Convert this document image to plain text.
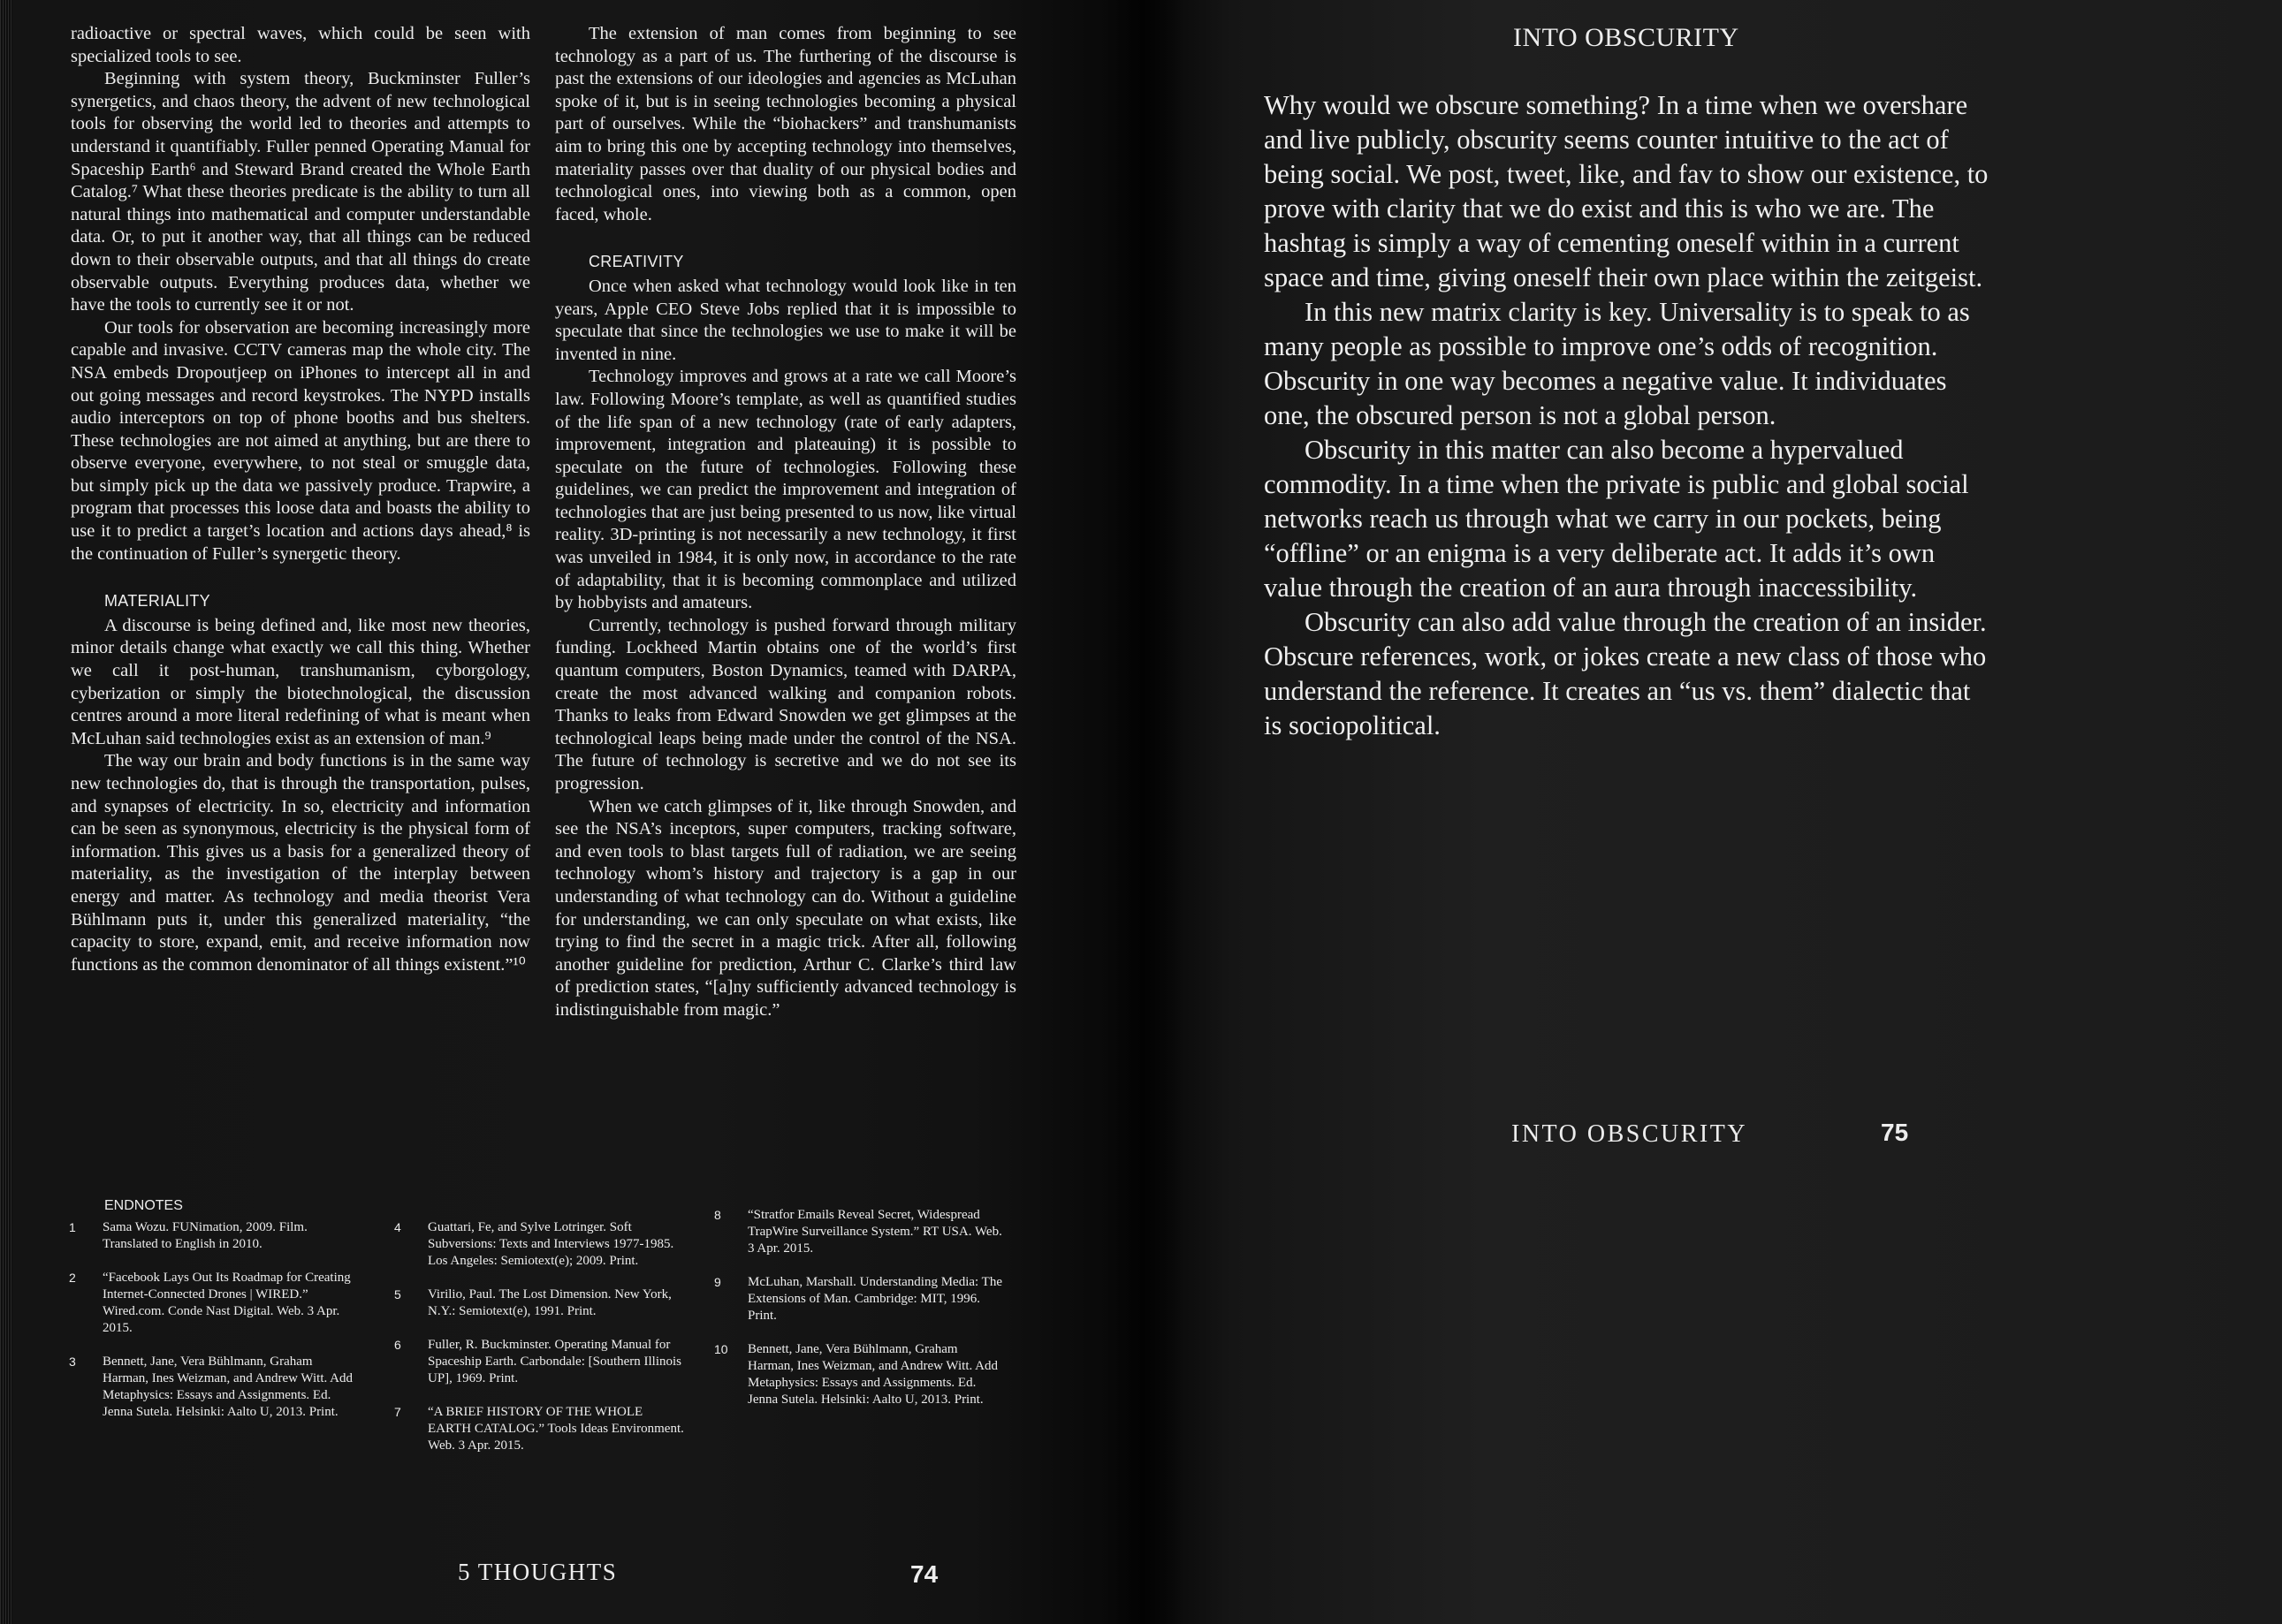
radioactive or spectral waves, which could be seen with specialized tools to see.

Beginning with system theory, Buckminster Fuller’s synergetics, and chaos theory, the advent of new technological tools for observing the world led to theories and attempts to understand it quantifiably. Fuller penned Operating Manual for Spaceship Earth⁶ and Steward Brand created the Whole Earth Catalog.⁷ What these theories predicate is the ability to turn all natural things into mathematical and computer understandable data. Or, to put it another way, that all things can be reduced down to their observable outputs, and that all things do create observable outputs. Everything produces data, whether we have the tools to currently see it or not.

Our tools for observation are becoming increasingly more capable and invasive. CCTV cameras map the whole city. The NSA embeds Dropoutjeep on iPhones to intercept all in and out going messages and record keystrokes. The NYPD installs audio interceptors on top of phone booths and bus shelters. These technologies are not aimed at anything, but are there to observe everyone, everywhere, to not steal or smuggle data, but simply pick up the data we passively produce. Trapwire, a program that processes this loose data and boasts the ability to use it to predict a target’s location and actions days ahead,⁸ is the continuation of Fuller’s synergetic theory.

MATERIALITY

A discourse is being defined and, like most new theories, minor details change what exactly we call this thing. Whether we call it post-human, transhumanism, cyborgology, cyberization or simply the biotechnological, the discussion centres around a more literal redefining of what is meant when McLuhan said technologies exist as an extension of man.⁹

The way our brain and body functions is in the same way new technologies do, that is through the transportation, pulses, and synapses of electricity. In so, electricity and information can be seen as synonymous, electricity is the physical form of information. This gives us a basis for a generalized theory of materiality, as the investigation of the interplay between energy and matter. As technology and media theorist Vera Bühlmann puts it, under this generalized materiality, “the capacity to store, expand, emit, and receive information now functions as the common denominator of all things existent.”¹⁰

The extension of man comes from beginning to see technology as a part of us. The furthering of the discourse is past the extensions of our ideologies and agencies as McLuhan spoke of it, but is in seeing technologies becoming a physical part of ourselves. While the “biohackers” and transhumanists aim to bring this one by accepting technology into themselves, materiality passes over that duality of our physical bodies and technological ones, into viewing both as a common, open faced, whole.

CREATIVITY

Once when asked what technology would look like in ten years, Apple CEO Steve Jobs replied that it is impossible to speculate that since the technologies we use to make it will be invented in nine.

Technology improves and grows at a rate we call Moore’s law. Following Moore’s template, as well as quantified studies of the life span of a new technology (rate of early adapters, improvement, integration and plateauing) it is possible to speculate on the future of technologies. Following these guidelines, we can predict the improvement and integration of technologies that are just being presented to us now, like virtual reality. 3D-printing is not necessarily a new technology, it first was unveiled in 1984, it is only now, in accordance to the rate of adaptability, that it is becoming commonplace and utilized by hobbyists and amateurs.

Currently, technology is pushed forward through military funding. Lockheed Martin obtains one of the world’s first quantum computers, Boston Dynamics, teamed with DARPA, create the most advanced walking and companion robots. Thanks to leaks from Edward Snowden we get glimpses at the technological leaps being made under the control of the NSA. The future of technology is secretive and we do not see its progression.

When we catch glimpses of it, like through Snowden, and see the NSA’s inceptors, super computers, tracking software, and even tools to blast targets full of radiation, we are seeing technology whom’s history and trajectory is a gap in our understanding of what technology can do. Without a guideline for understanding, we can only speculate on what exists, like trying to find the secret in a magic trick. After all, following another guideline for prediction, Arthur C. Clarke’s third law of prediction states, “[a]ny sufficiently advanced technology is indistinguishable from magic.”

ENDNOTES
1	Sama Wozu. FUNimation, 2009. Film. Translated to English in 2010.
2	“Facebook Lays Out Its Roadmap for Creating Internet-Connected Drones | WIRED.” Wired.com. Conde Nast Digital. Web. 3 Apr. 2015.
3	Bennett, Jane, Vera Bühlmann, Graham Harman, Ines Weizman, and Andrew Witt. Add Metaphysics: Essays and Assignments. Ed. Jenna Sutela. Helsinki: Aalto U, 2013. Print.
4	Guattari, Fe, and Sylve Lotringer. Soft Subversions: Texts and Interviews 1977-1985. Los Angeles: Semiotext(e); 2009. Print.
5	Virilio, Paul. The Lost Dimension. New York, N.Y.: Semiotext(e), 1991. Print.
6	Fuller, R. Buckminster. Operating Manual for Spaceship Earth. Carbondale: [Southern Illinois UP], 1969. Print.
7	“A BRIEF HISTORY OF THE WHOLE EARTH CATALOG.” Tools Ideas Environment. Web. 3 Apr. 2015.
8	“Stratfor Emails Reveal Secret, Widespread TrapWire Surveillance System.” RT USA. Web. 3 Apr. 2015.
9	McLuhan, Marshall. Understanding Media: The Extensions of Man. Cambridge: MIT, 1996. Print.
10	Bennett, Jane, Vera Bühlmann, Graham Harman, Ines Weizman, and Andrew Witt. Add Metaphysics: Essays and Assignments. Ed. Jenna Sutela. Helsinki: Aalto U, 2013. Print.
5 THOUGHTS	74
INTO OBSCURITY

Why would we obscure something? In a time when we overshare and live publicly, obscurity seems counter intuitive to the act of being social. We post, tweet, like, and fav to show our existence, to prove with clarity that we do exist and this is who we are. The hashtag is simply a way of cementing oneself within in a current space and time, giving oneself their own place within the zeitgeist.

In this new matrix clarity is key. Universality is to speak to as many people as possible to improve one’s odds of recognition. Obscurity in one way becomes a negative value. It individuates one, the obscured person is not a global person.

Obscurity in this matter can also become a hypervalued commodity. In a time when the private is public and global social networks reach us through what we carry in our pockets, being “offline” or an enigma is a very deliberate act. It adds it’s own value through the creation of an aura through inaccessibility.

Obscurity can also add value through the creation of an insider. Obscure references, work, or jokes create a new class of those who understand the reference. It creates an “us vs. them” dialectic that is sociopolitical.

INTO OBSCURITY	75
